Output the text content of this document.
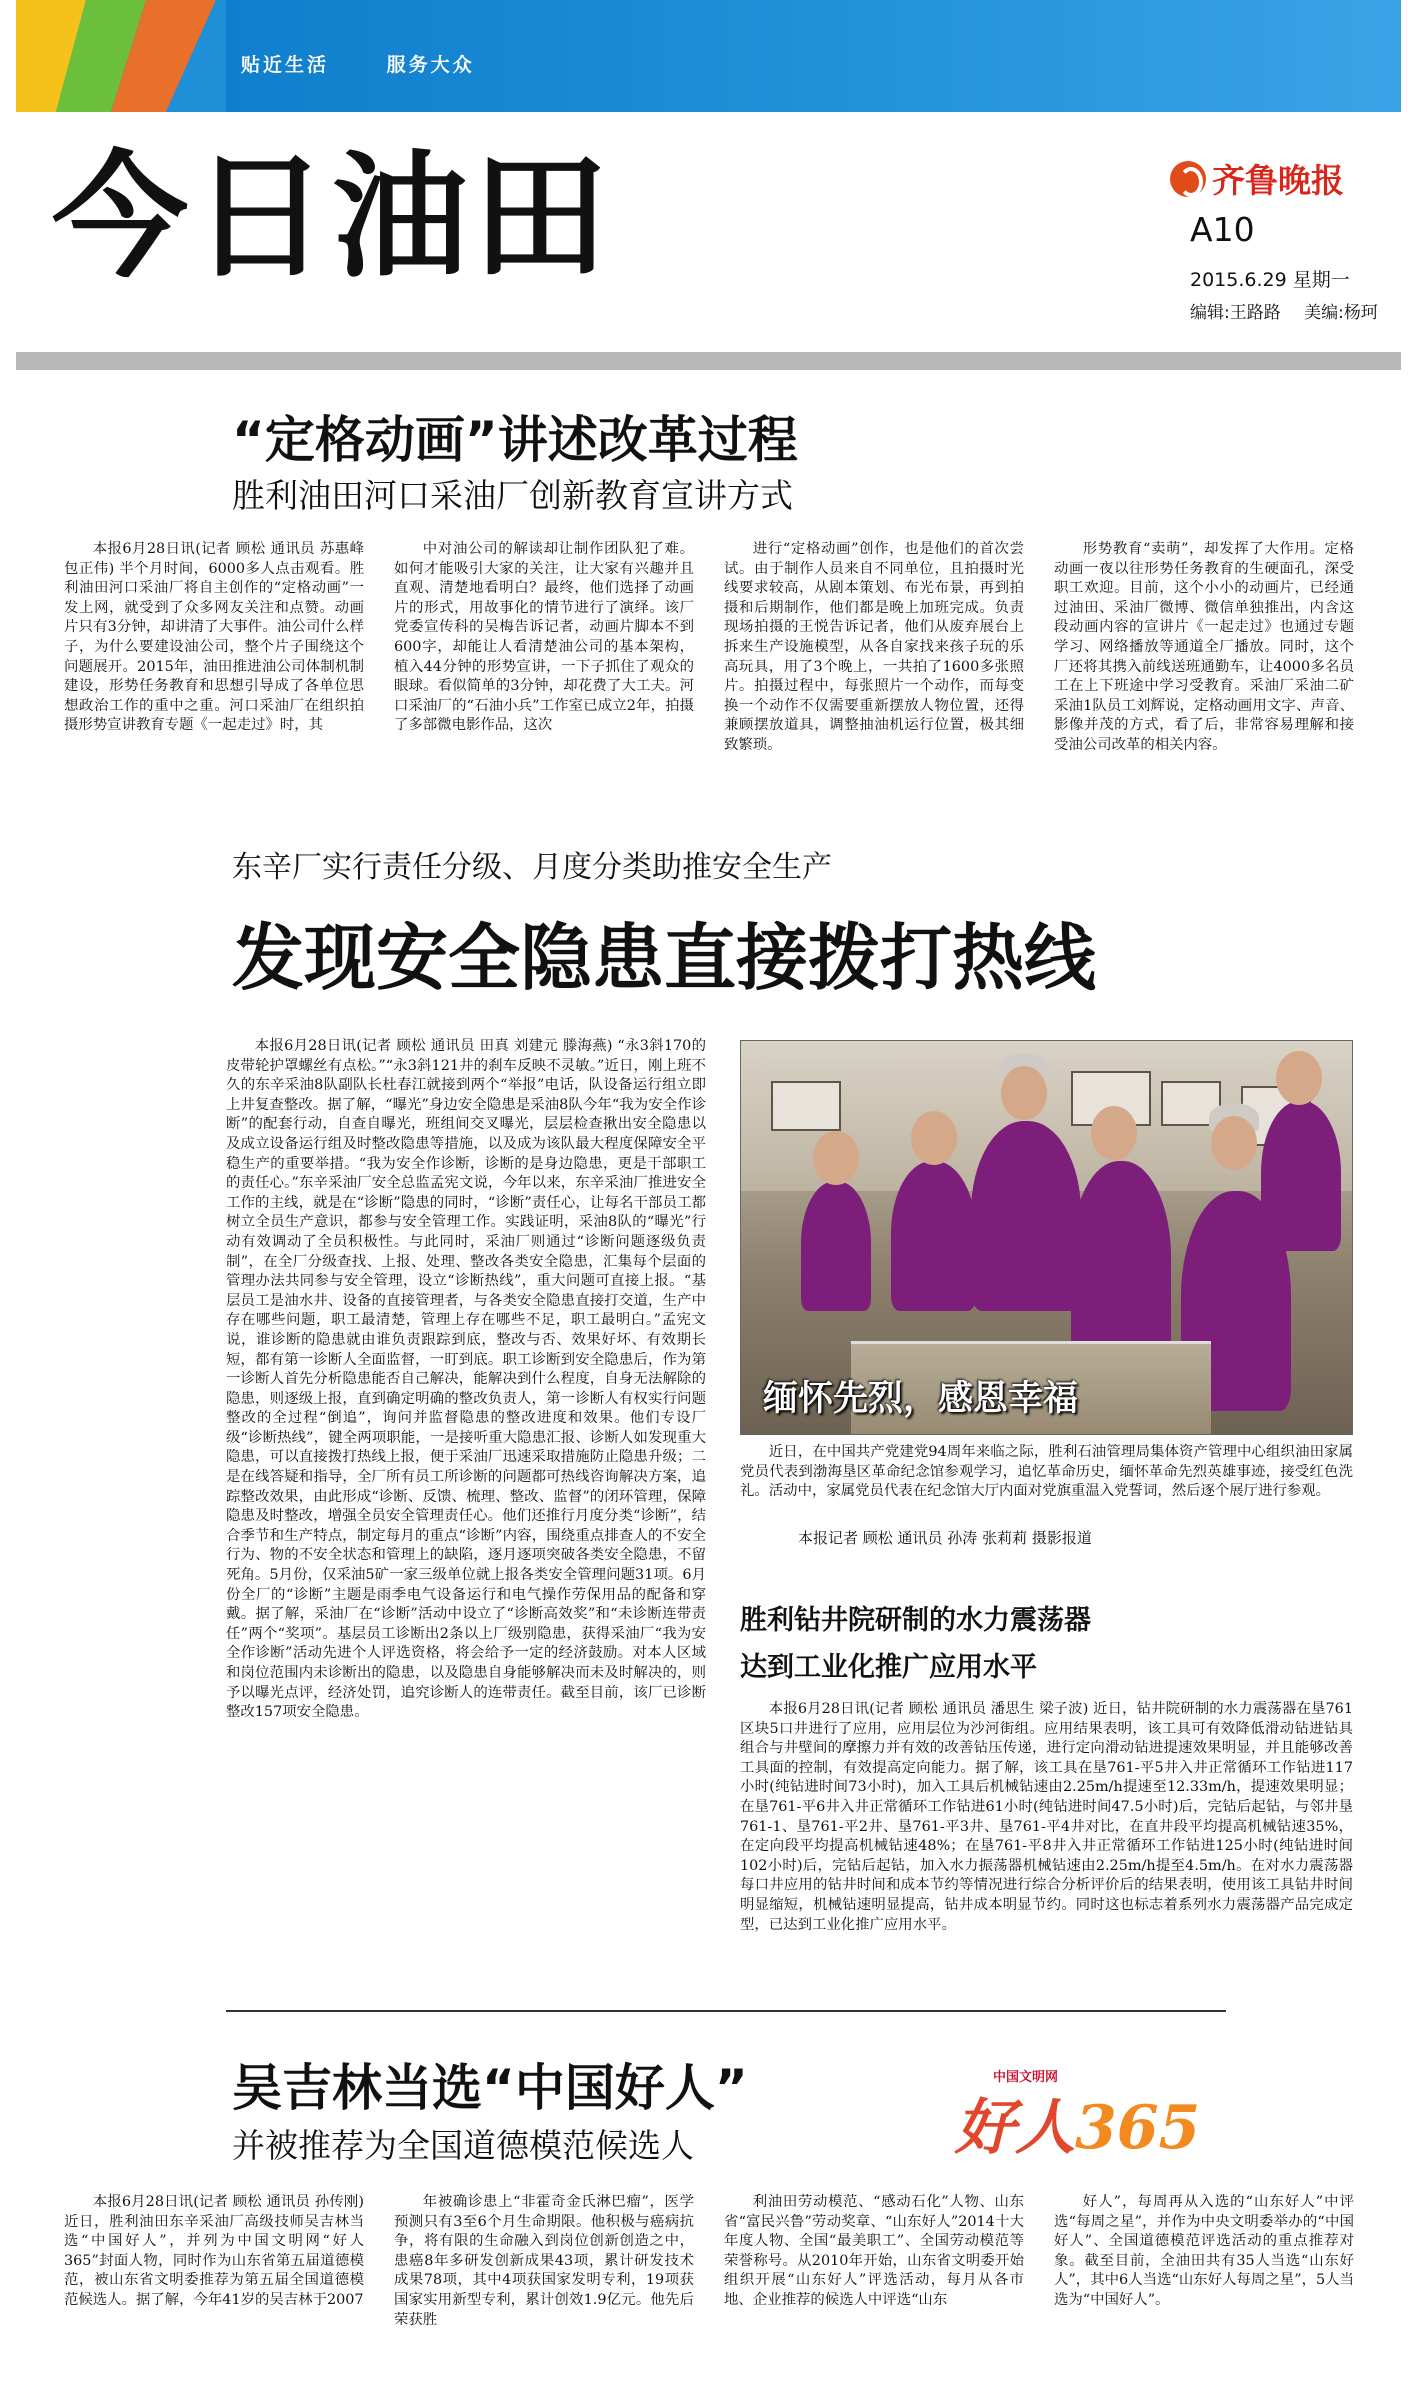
贴近生活	服务大众
今日油田	齐鲁晚报
A10
2015.6.29 星期一
编辑:王路路 美编:杨珂
“定格动画”讲述改革过程
胜利油田河口采油厂创新教育宣讲方式

本报6月28日讯(记者 顾松 通讯员 苏惠峰 包正伟) 半个月时间，6000多人点击观看。胜利油田河口采油厂将自主创作的“定格动画”一发上网，就受到了众多网友关注和点赞。动画片只有3分钟，却讲清了大事件。油公司什么样子，为什么要建设油公司，整个片子围绕这个问题展开。2015年，油田推进油公司体制机制建设，形势任务教育和思想引导成了各单位思想政治工作的重中之重。河口采油厂在组织拍摄形势宣讲教育专题《一起走过》时，其

中对油公司的解读却让制作团队犯了难。如何才能吸引大家的关注，让大家有兴趣并且直观、清楚地看明白？最终，他们选择了动画片的形式，用故事化的情节进行了演绎。该厂党委宣传科的吴梅告诉记者，动画片脚本不到600字，却能让人看清楚油公司的基本架构，植入44分钟的形势宣讲，一下子抓住了观众的眼球。看似简单的3分钟，却花费了大工夫。河口采油厂的“石油小兵”工作室已成立2年，拍摄了多部微电影作品，这次

进行“定格动画”创作，也是他们的首次尝试。由于制作人员来自不同单位，且拍摄时光线要求较高，从剧本策划、布光布景，再到拍摄和后期制作，他们都是晚上加班完成。负责现场拍摄的王悦告诉记者，他们从废弃展台上拆来生产设施模型，从各自家找来孩子玩的乐高玩具，用了3个晚上，一共拍了1600多张照片。拍摄过程中，每张照片一个动作，而每变换一个动作不仅需要重新摆放人物位置，还得兼顾摆放道具，调整抽油机运行位置，极其细致繁琐。

形势教育“卖萌”，却发挥了大作用。定格动画一夜以往形势任务教育的生硬面孔，深受职工欢迎。目前，这个小小的动画片，已经通过油田、采油厂微博、微信单独推出，内含这段动画内容的宣讲片《一起走过》也通过专题学习、网络播放等通道全厂播放。同时，这个厂还将其携入前线送班通勤车，让4000多名员工在上下班途中学习受教育。采油厂采油二矿采油1队员工刘辉说，定格动画用文字、声音、影像并茂的方式，看了后，非常容易理解和接受油公司改革的相关内容。

东辛厂实行责任分级、月度分类助推安全生产
发现安全隐患直接拨打热线

本报6月28日讯(记者 顾松 通讯员 田真 刘建元 滕海燕) “永3斜170的皮带轮护罩螺丝有点松。”“永3斜121井的刹车反映不灵敏。”近日，刚上班不久的东辛采油8队副队长杜春江就接到两个“举报”电话，队设备运行组立即上井复查整改。据了解，“曝光”身边安全隐患是采油8队今年“我为安全作诊断”的配套行动，自查自曝光，班组间交叉曝光，层层检查揪出安全隐患以及成立设备运行组及时整改隐患等措施，以及成为该队最大程度保障安全平稳生产的重要举措。“我为安全作诊断，诊断的是身边隐患，更是干部职工的责任心。”东辛采油厂安全总监孟宪文说，今年以来，东辛采油厂推进安全工作的主线，就是在“诊断”隐患的同时，“诊断”责任心，让每名干部员工都树立全员生产意识，都参与安全管理工作。实践证明，采油8队的“曝光”行动有效调动了全员积极性。与此同时，采油厂则通过“诊断问题逐级负责制”，在全厂分级查找、上报、处理、整改各类安全隐患，汇集每个层面的管理办法共同参与安全管理，设立“诊断热线”，重大问题可直接上报。“基层员工是油水井、设备的直接管理者，与各类安全隐患直接打交道，生产中存在哪些问题，职工最清楚，管理上存在哪些不足，职工最明白。”孟宪文说，谁诊断的隐患就由谁负责跟踪到底，整改与否、效果好坏、有效期长短，都有第一诊断人全面监督，一盯到底。职工诊断到安全隐患后，作为第一诊断人首先分析隐患能否自己解决，能解决到什么程度，自身无法解除的隐患，则逐级上报，直到确定明确的整改负责人，第一诊断人有权实行问题整改的全过程“倒追”，询问并监督隐患的整改进度和效果。他们专设厂级“诊断热线”，键全两项职能，一是接听重大隐患汇报、诊断人如发现重大隐患，可以直接拨打热线上报，便于采油厂迅速采取措施防止隐患升级；二是在线答疑和指导，全厂所有员工所诊断的问题都可热线咨询解决方案，追踪整改效果，由此形成“诊断、反馈、梳理、整改、监督”的闭环管理，保障隐患及时整改，增强全员安全管理责任心。他们还推行月度分类“诊断”，结合季节和生产特点，制定每月的重点“诊断”内容，围绕重点排查人的不安全行为、物的不安全状态和管理上的缺陷，逐月逐项突破各类安全隐患，不留死角。5月份，仅采油5矿一家三级单位就上报各类安全管理问题31项。6月份全厂的“诊断”主题是雨季电气设备运行和电气操作劳保用品的配备和穿戴。据了解，采油厂在“诊断”活动中设立了“诊断高效奖”和“未诊断连带责任”两个“奖项”。基层员工诊断出2条以上厂级别隐患，获得采油厂“我为安全作诊断”活动先进个人评选资格，将会给予一定的经济鼓励。对本人区域和岗位范围内未诊断出的隐患，以及隐患自身能够解决而未及时解决的，则予以曝光点评，经济处罚，追究诊断人的连带责任。截至目前，该厂已诊断整改157项安全隐患。

缅怀先烈，感恩幸福

近日，在中国共产党建党94周年来临之际，胜利石油管理局集体资产管理中心组织油田家属党员代表到渤海垦区革命纪念馆参观学习，追忆革命历史，缅怀革命先烈英雄事迹，接受红色洗礼。活动中，家属党员代表在纪念馆大厅内面对党旗重温入党誓词，然后逐个展厅进行参观。

本报记者 顾松 通讯员 孙涛 张莉莉 摄影报道
胜利钻井院研制的水力震荡器
达到工业化推广应用水平

本报6月28日讯(记者 顾松 通讯员 潘思生 梁子波) 近日，钻井院研制的水力震荡器在垦761区块5口井进行了应用，应用层位为沙河街组。应用结果表明，该工具可有效降低滑动钻进钻具组合与井壁间的摩擦力并有效的改善钻压传递，进行定向滑动钻进提速效果明显，并且能够改善工具面的控制，有效提高定向能力。据了解，该工具在垦761-平5井入井正常循环工作钻进117小时(纯钻进时间73小时)，加入工具后机械钻速由2.25m/h提速至12.33m/h，提速效果明显；在垦761-平6井入井正常循环工作钻进61小时(纯钻进时间47.5小时)后，完钻后起钻，与邻井垦761-1、垦761-平2井、垦761-平3井、垦761-平4井对比，在直井段平均提高机械钻速35%，在定向段平均提高机械钻速48%；在垦761-平8井入井正常循环工作钻进125小时(纯钻进时间102小时)后，完钻后起钻，加入水力振荡器机械钻速由2.25m/h提至4.5m/h。在对水力震荡器每口井应用的钻井时间和成本节约等情况进行综合分析评价后的结果表明，使用该工具钻井时间明显缩短，机械钻速明显提高，钻井成本明显节约。同时这也标志着系列水力震荡器产品完成定型，已达到工业化推广应用水平。

吴吉林当选“中国好人”
并被推荐为全国道德模范候选人
中国文明网
好人365

本报6月28日讯(记者 顾松 通讯员 孙传刚) 近日，胜利油田东辛采油厂高级技师吴吉林当选“中国好人”，并列为中国文明网“好人365”封面人物，同时作为山东省第五届道德模范，被山东省文明委推荐为第五届全国道德模范候选人。据了解，今年41岁的吴吉林于2007

年被确诊患上“非霍奇金氏淋巴瘤”，医学预测只有3至6个月生命期限。他积极与癌病抗争，将有限的生命融入到岗位创新创造之中，患癌8年多研发创新成果43项，累计研发技术成果78项，其中4项获国家发明专利，19项获国家实用新型专利，累计创效1.9亿元。他先后荣获胜

利油田劳动模范、“感动石化”人物、山东省“富民兴鲁”劳动奖章、“山东好人”2014十大年度人物、全国“最美职工”、全国劳动模范等荣誉称号。从2010年开始，山东省文明委开始组织开展“山东好人”评选活动，每月从各市地、企业推荐的候选人中评选“山东

好人”，每周再从入选的“山东好人”中评选“每周之星”，并作为中央文明委举办的“中国好人”、全国道德模范评选活动的重点推荐对象。截至目前，全油田共有35人当选“山东好人”，其中6人当选“山东好人每周之星”，5人当选为“中国好人”。
